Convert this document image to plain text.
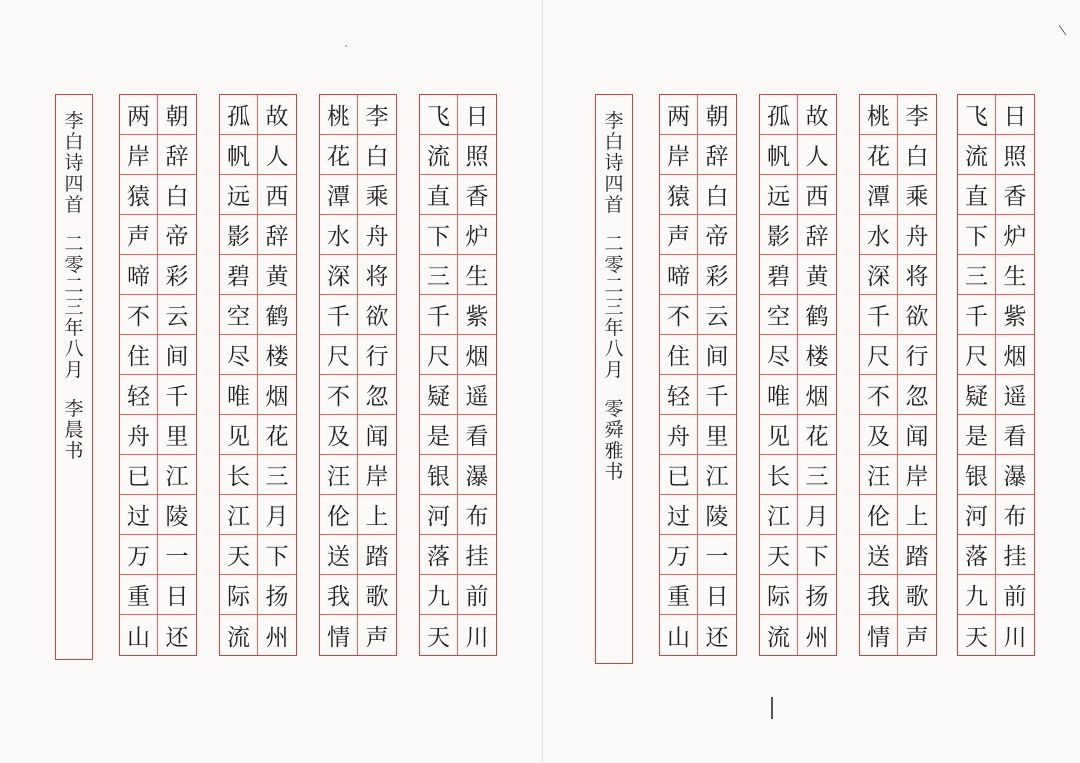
李
白
诗
四
首
二
零
二
三
年
八
月
李
晨
书
两
岸
猿
声
啼
不
住
轻
舟
已
过
万
重
山
朝
辞
白
帝
彩
云
间
千
里
江
陵
一
日
还
孤
帆
远
影
碧
空
尽
唯
见
长
江
天
际
流
故
人
西
辞
黄
鹤
楼
烟
花
三
月
下
扬
州
桃
花
潭
水
深
千
尺
不
及
汪
伦
送
我
情
李
白
乘
舟
将
欲
行
忽
闻
岸
上
踏
歌
声
飞
流
直
下
三
千
尺
疑
是
银
河
落
九
天
日
照
香
炉
生
紫
烟
遥
看
瀑
布
挂
前
川
李
白
诗
四
首
二
零
二
三
年
八
月
零
舜
雅
书
两
岸
猿
声
啼
不
住
轻
舟
已
过
万
重
山
朝
辞
白
帝
彩
云
间
千
里
江
陵
一
日
还
孤
帆
远
影
碧
空
尽
唯
见
长
江
天
际
流
故
人
西
辞
黄
鹤
楼
烟
花
三
月
下
扬
州
桃
花
潭
水
深
千
尺
不
及
汪
伦
送
我
情
李
白
乘
舟
将
欲
行
忽
闻
岸
上
踏
歌
声
飞
流
直
下
三
千
尺
疑
是
银
河
落
九
天
日
照
香
炉
生
紫
烟
遥
看
瀑
布
挂
前
川
